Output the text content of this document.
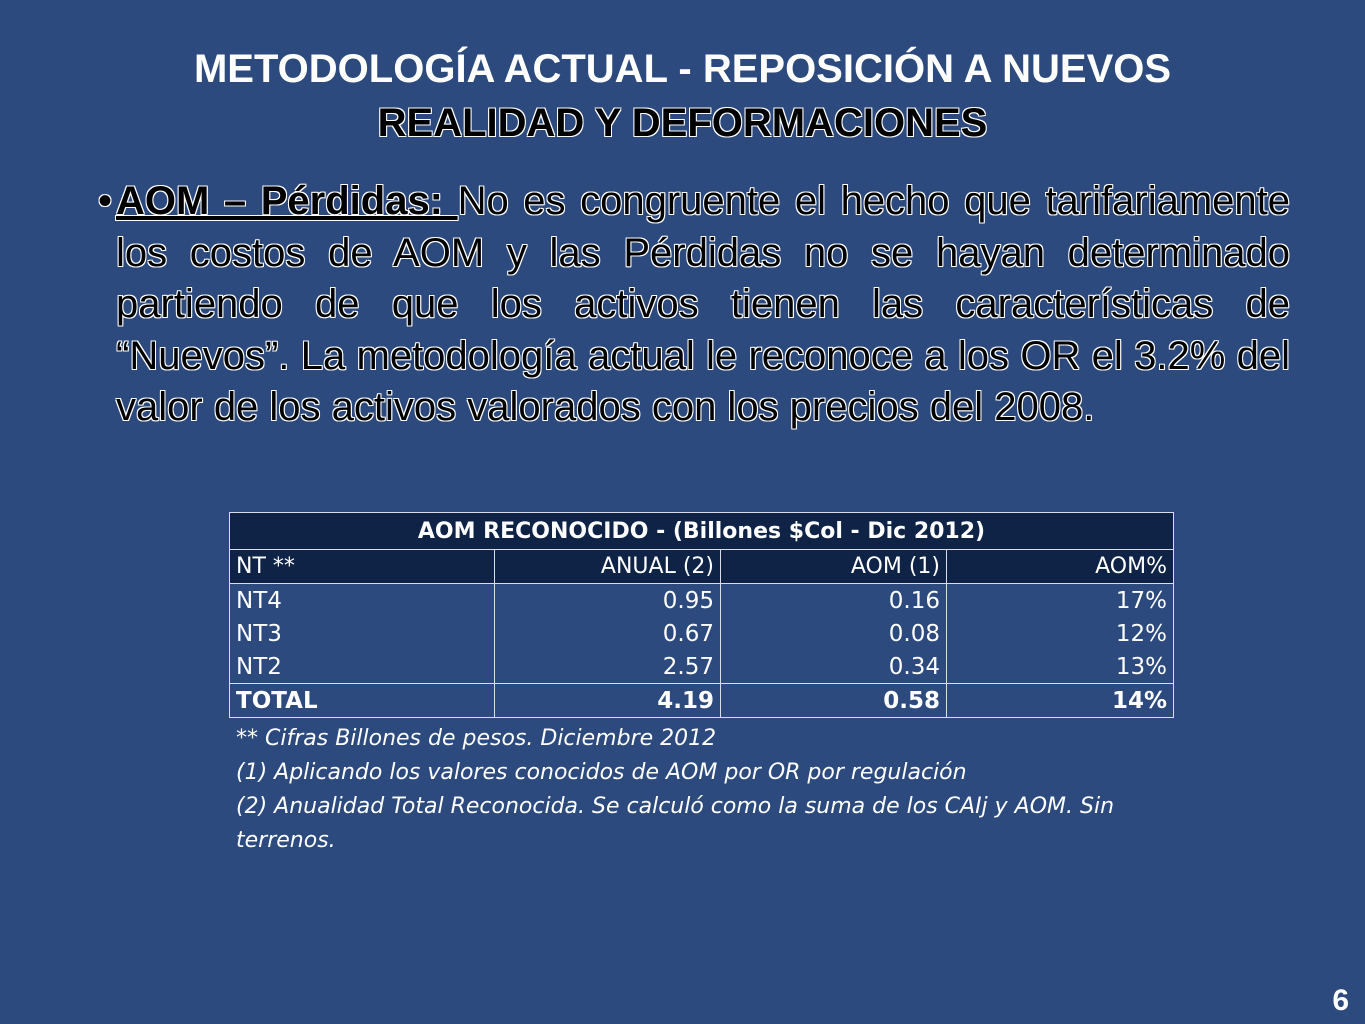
METODOLOGÍA ACTUAL - REPOSICIÓN A NUEVOS
REALIDAD Y DEFORMACIONES
• AOM – Pérdidas: No es congruente el hecho que tarifariamente los costos de AOM y las Pérdidas no se hayan determinado partiendo de que los activos tienen las características de “Nuevos”. La metodología actual le reconoce a los OR el 3.2% del valor de los activos valorados con los precios del 2008.
AOM RECONOCIDO - (Billones $Col - Dic 2012)			
NT **	ANUAL (2)	AOM (1)	AOM%
NT4	0.95	0.16	17%
NT3	0.67	0.08	12%
NT2	2.57	0.34	13%
TOTAL	4.19	0.58	14%
** Cifras Billones de pesos. Diciembre 2012
(1) Aplicando los valores conocidos de AOM por OR por regulación
(2) Anualidad Total Reconocida. Se calculó como la suma de los CAIj y AOM. Sin terrenos.
6
